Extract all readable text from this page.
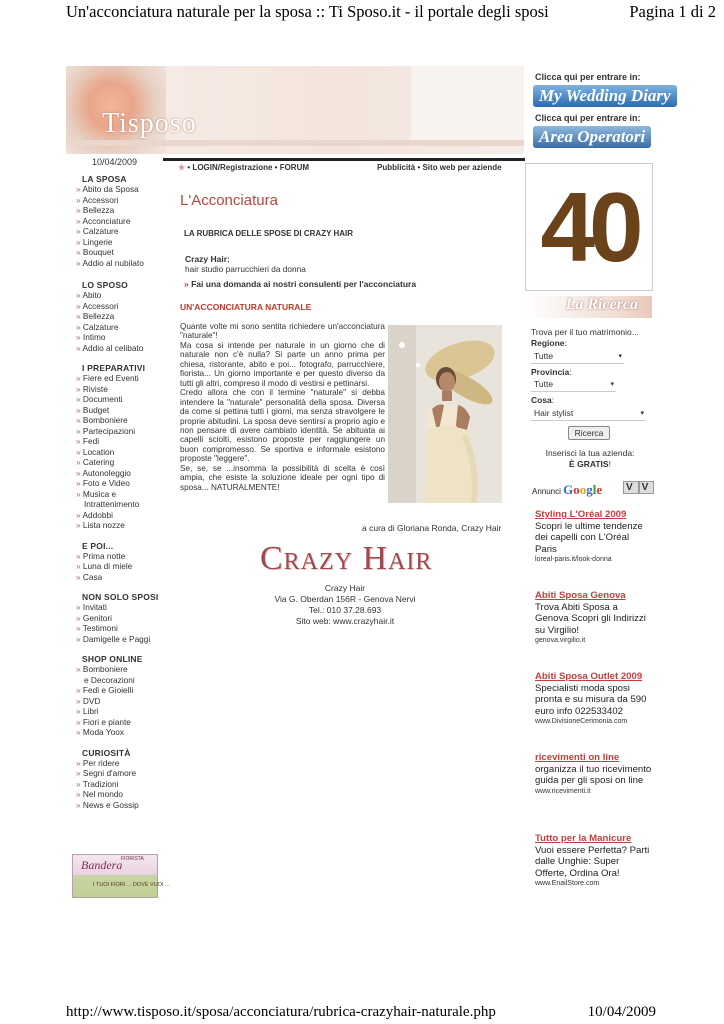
Un'acconciatura naturale per la sposa :: Ti Sposo.it - il portale degli sposi	Pagina 1 di 2
Tisposo
Clicca qui per entrare in:
My Wedding Diary
Clicca qui per entrare in:
Area Operatori
★ • LOGIN/Registrazione • FORUM	Pubblicità • Sito web per aziende
10/04/2009
LA SPOSA
» Abito da Sposa
» Accessori
» Bellezza
» Acconciature
» Calzature
» Lingerie
» Bouquet
» Addio al nubilato
LO SPOSO
» Abito
» Accessori
» Bellezza
» Calzature
» Intimo
» Addio al celibato
I PREPARATIVI
» Fiere ed Eventi
» Riviste
» Documenti
» Budget
» Bomboniere
» Partecipazioni
» Fedi
» Location
» Catering
» Autonoleggio
» Foto e Video
» Musica e
Intrattenimento
» Addobbi
» Lista nozze
E POI...
» Prima notte
» Luna di miele
» Casa
NON SOLO SPOSI
» Invitati
» Genitori
» Testimoni
» Damigelle e Paggi
SHOP ONLINE
» Bomboniere
e Decorazioni
» Fedi e Gioielli
» DVD
» Libri
» Fiori e piante
» Moda Yoox
CURIOSITÀ
» Per ridere
» Segni d'amore
» Tradizioni
» Nel mondo
» News e Gossip
FIORISTA
Bandera
I TUOI FIORI ... DOVE VUOI ...
L'Acconciatura
LA RUBRICA DELLE SPOSE DI CRAZY HAIR
Crazy Hair:
hair studio parrucchieri da donna
» Fai una domanda ai nostri consulenti per l'acconciatura
UN'ACCONCIATURA NATURALE
Quante volte mi sono sentita richiedere un'acconciatura "naturale"!
Ma cosa si intende per naturale in un giorno che di naturale non c'è nulla? Si parte un anno prima per chiesa, ristorante, abito e poi... fotografo, parrucchiere, fiorista... Un giorno importante e per questo diverso da tutti gli altri, compreso il modo di vestirsi e pettinarsi.
Credo allora che con il termine "naturale" si debba intendere la "naturale" personalità della sposa. Diversa da come si pettina tutti i giorni, ma senza stravolgere le proprie abitudini. La sposa deve sentirsi a proprio agio e non pensare di avere cambiato identità. Se abituata ai capelli sciolti, esistono proposte per raggiungere un buon compromesso. Se sportiva e informale esistono proposte "leggere".
Se, se, se ...insomma la possibilità di scelta è così ampia, che esiste la soluzione ideale per ogni tipo di sposa... NATURALMENTE!
a cura di Gloriana Ronda, Crazy Hair
Crazy Hair
Crazy Hair
Via G. Oberdan 156R - Genova Nervi
Tel.: 010 37.28.693
Sito web: www.crazyhair.it
40
La Ricerca
Trova per il tuo matrimonio...
Regione:
Tutte	▾
Provincia:
Tutte	▾
Cosa:
Hair stylist	▾
Ricerca
Inserisci la tua azienda:
È GRATIS!
Annunci Google	V V
Styling L'Oréal 2009
Scopri le ultime tendenze dei capelli con L'Oréal Paris
loreal-paris.it/look-donna
Abiti Sposa Genova
Trova Abiti Sposa a Genova Scopri gli Indirizzi su Virgilio!
genova.virgilio.it
Abiti Sposa Outlet 2009
Specialisti moda sposi pronta e su misura da 590 euro info 022533402
www.DivisioneCerimonia.com
ricevimenti on line
organizza il tuo ricevimento guida per gli sposi on line
www.ricevimenti.it
Tutto per la Manicure
Vuoi essere Perfetta? Parti dalle Unghie: Super Offerte, Ordina Ora!
www.EnailStore.com
http://www.tisposo.it/sposa/acconciatura/rubrica-crazyhair-naturale.php	10/04/2009
